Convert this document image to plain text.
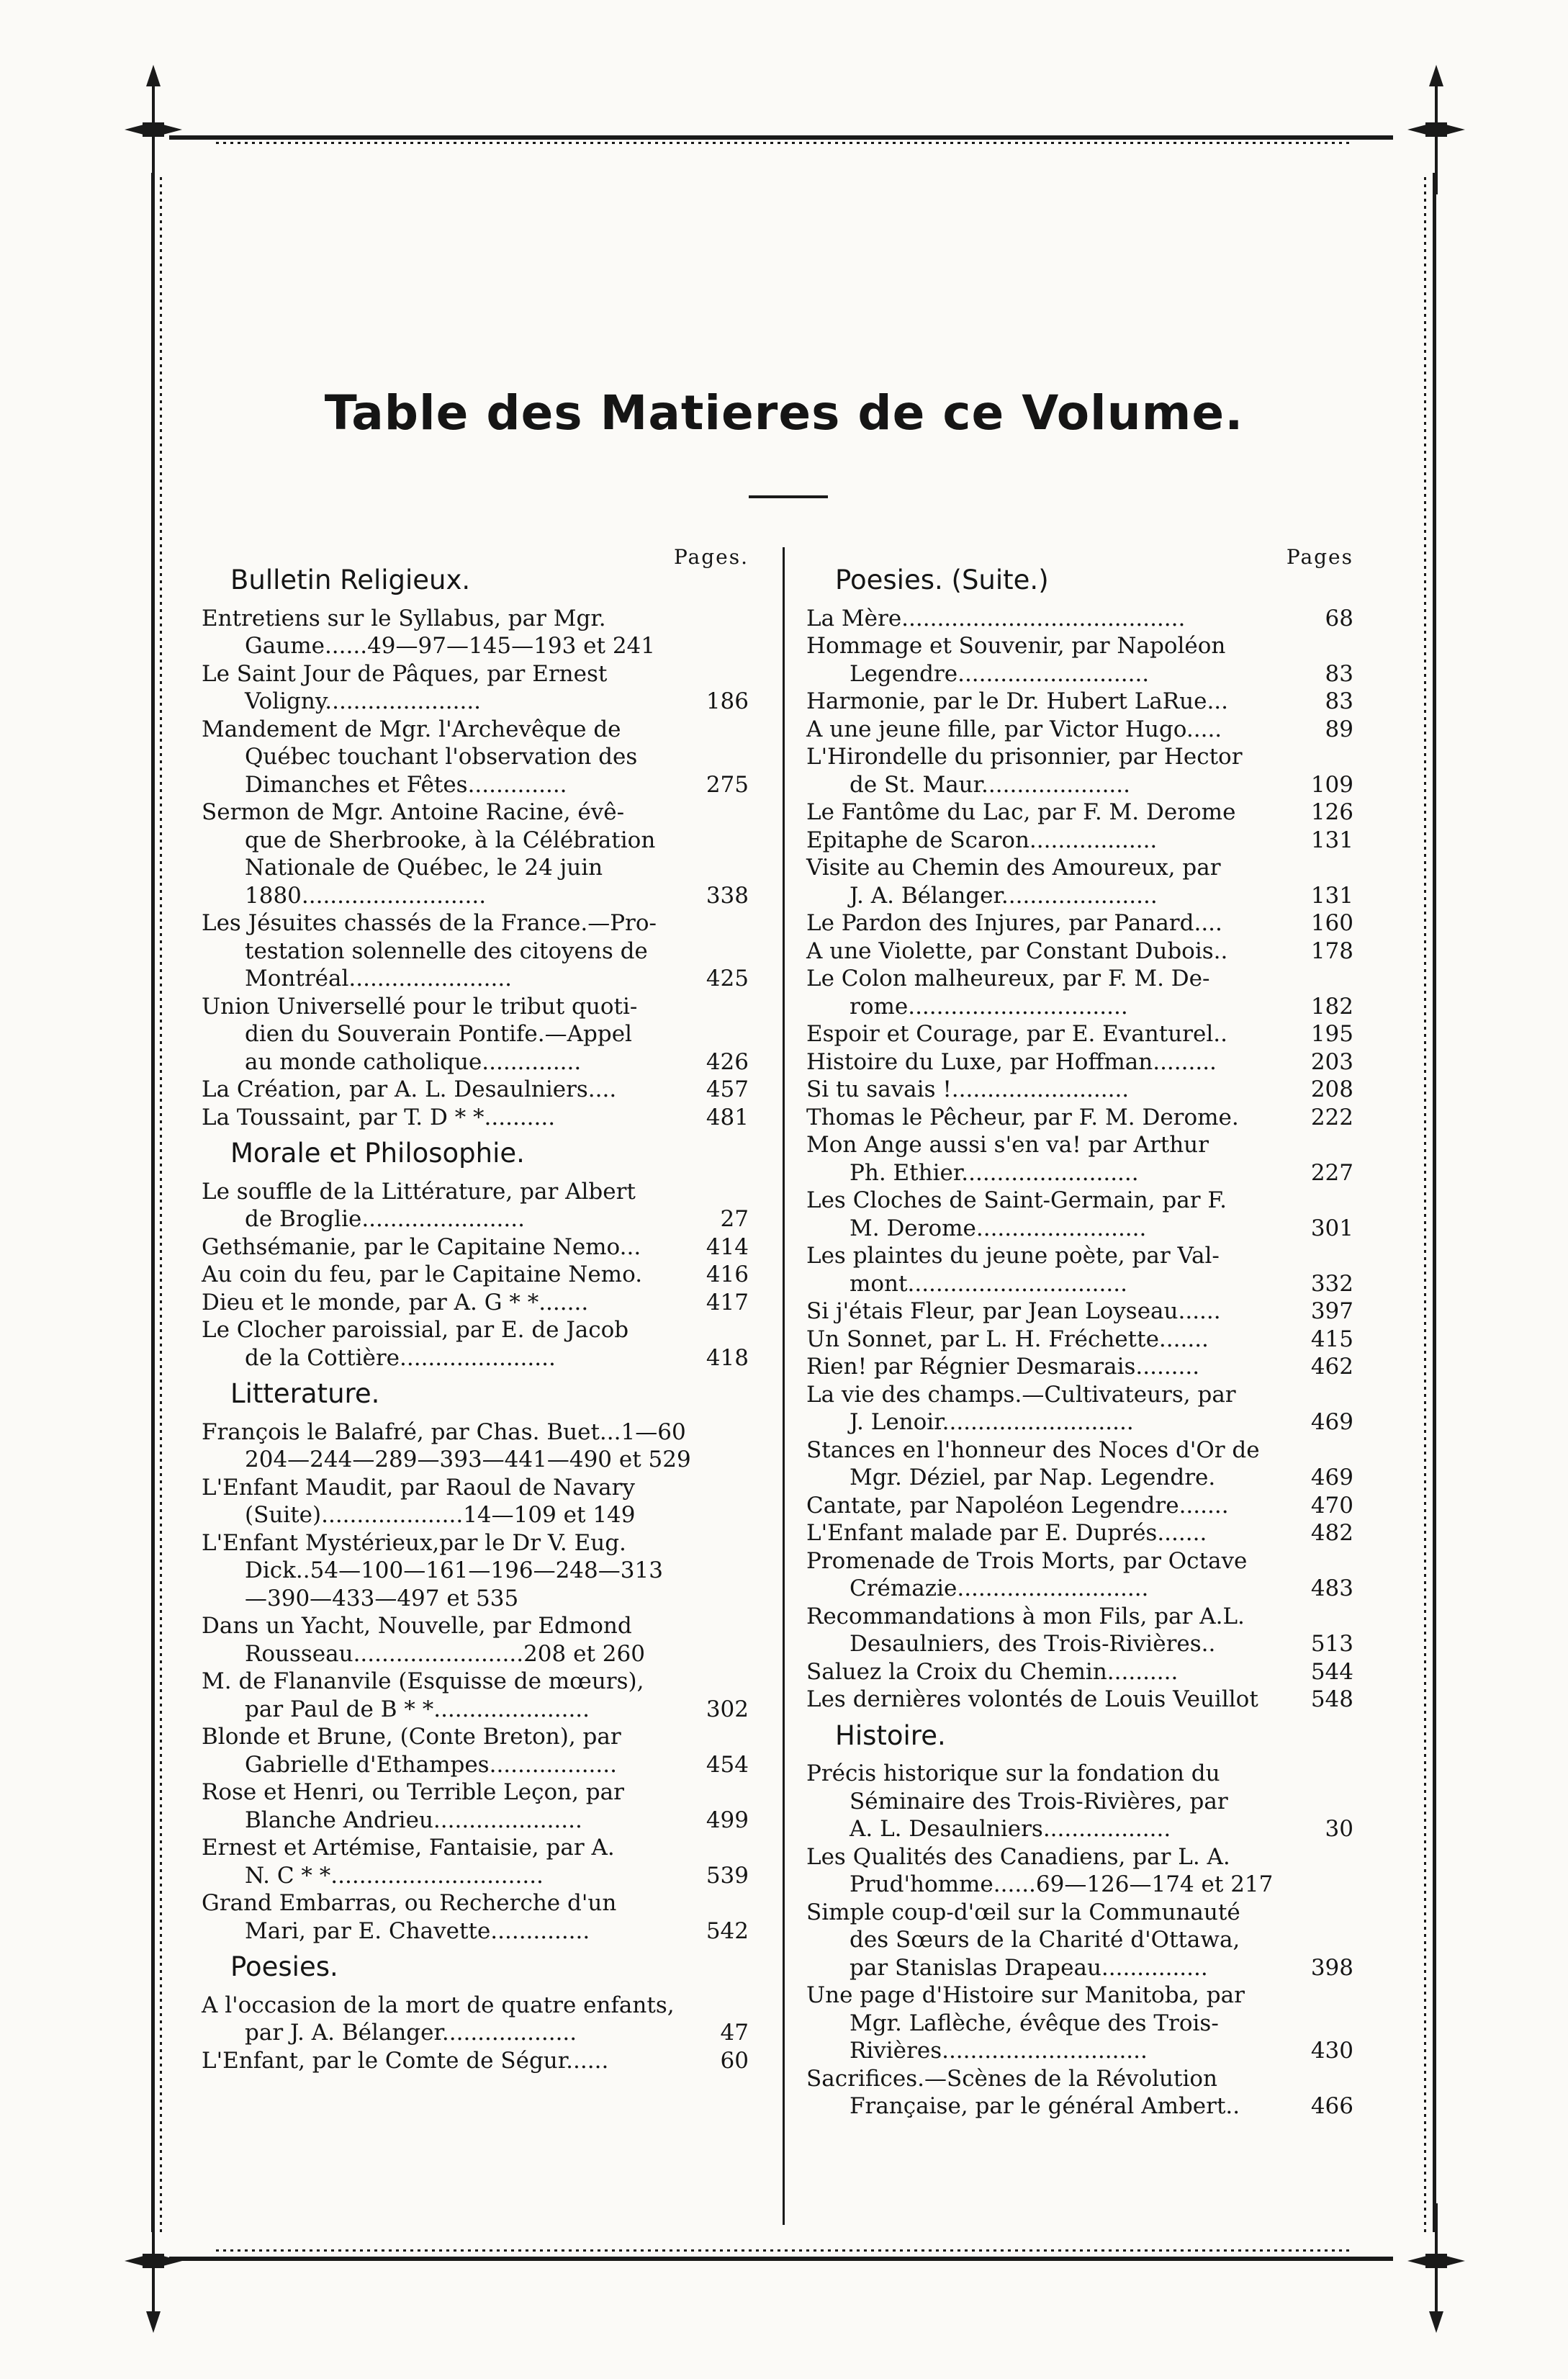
Table des Matieres de ce Volume.
Pages.
Bulletin Religieux.
Entretiens sur le Syllabus, par Mgr.
Gaume......49—97—145—193 et 241
Le Saint Jour de Pâques, par Ernest
Voligny......................	186
Mandement de Mgr. l'Archevêque de
Québec touchant l'observation des
Dimanches et Fêtes..............	275
Sermon de Mgr. Antoine Racine, évê-
que de Sherbrooke, à la Célébration
Nationale de Québec, le 24 juin
1880..........................	338
Les Jésuites chassés de la France.—Pro-
testation solennelle des citoyens de
Montréal.......................	425
Union Universellé pour le tribut quoti-
dien du Souverain Pontife.—Appel
au monde catholique..............	426
La Création, par A. L. Desaulniers....	457
La Toussaint, par T. D * *..........	481
Morale et Philosophie.
Le souffle de la Littérature, par Albert
de Broglie.......................	27
Gethsémanie, par le Capitaine Nemo...	414
Au coin du feu, par le Capitaine Nemo.	416
Dieu et le monde, par A. G * *.......	417
Le Clocher paroissial, par E. de Jacob
de la Cottière......................	418
Litterature.
François le Balafré, par Chas. Buet...1—60
204—244—289—393—441—490 et 529
L'Enfant Maudit, par Raoul de Navary
(Suite)....................14—109 et 149
L'Enfant Mystérieux,par le Dr V. Eug.
Dick..54—100—161—196—248—313
—390—433—497 et 535
Dans un Yacht, Nouvelle, par Edmond
Rousseau........................208 et 260
M. de Flananvile (Esquisse de mœurs),
par Paul de B * *......................	302
Blonde et Brune, (Conte Breton), par
Gabrielle d'Ethampes..................	454
Rose et Henri, ou Terrible Leçon, par
Blanche Andrieu.....................	499
Ernest et Artémise, Fantaisie, par A.
N. C * *..............................	539
Grand Embarras, ou Recherche d'un
Mari, par E. Chavette..............	542
Poesies.
A l'occasion de la mort de quatre enfants,
par J. A. Bélanger...................	47
L'Enfant, par le Comte de Ségur......	60
Pages
Poesies. (Suite.)
La Mère........................................	68
Hommage et Souvenir, par Napoléon
Legendre...........................	83
Harmonie, par le Dr. Hubert LaRue...	83
A une jeune fille, par Victor Hugo.....	89
L'Hirondelle du prisonnier, par Hector
de St. Maur.....................	109
Le Fantôme du Lac, par F. M. Derome	126
Epitaphe de Scaron..................	131
Visite au Chemin des Amoureux, par
J. A. Bélanger......................	131
Le Pardon des Injures, par Panard....	160
A une Violette, par Constant Dubois..	178
Le Colon malheureux, par F. M. De-
rome...............................	182
Espoir et Courage, par E. Evanturel..	195
Histoire du Luxe, par Hoffman.........	203
Si tu savais !.........................	208
Thomas le Pêcheur, par F. M. Derome.	222
Mon Ange aussi s'en va! par Arthur
Ph. Ethier.........................	227
Les Cloches de Saint-Germain, par F.
M. Derome........................	301
Les plaintes du jeune poète, par Val-
mont...............................	332
Si j'étais Fleur, par Jean Loyseau......	397
Un Sonnet, par L. H. Fréchette.......	415
Rien! par Régnier Desmarais.........	462
La vie des champs.—Cultivateurs, par
J. Lenoir...........................	469
Stances en l'honneur des Noces d'Or de
Mgr. Déziel, par Nap. Legendre.	469
Cantate, par Napoléon Legendre.......	470
L'Enfant malade par E. Duprés.......	482
Promenade de Trois Morts, par Octave
Crémazie...........................	483
Recommandations à mon Fils, par A.L.
Desaulniers, des Trois-Rivières..	513
Saluez la Croix du Chemin..........	544
Les dernières volontés de Louis Veuillot	548
Histoire.
Précis historique sur la fondation du
Séminaire des Trois-Rivières, par
A. L. Desaulniers..................	30
Les Qualités des Canadiens, par L. A.
Prud'homme......69—126—174 et 217
Simple coup-d'œil sur la Communauté
des Sœurs de la Charité d'Ottawa,
par Stanislas Drapeau...............	398
Une page d'Histoire sur Manitoba, par
Mgr. Laflèche, évêque des Trois-
Rivières.............................	430
Sacrifices.—Scènes de la Révolution
Française, par le général Ambert..	466
